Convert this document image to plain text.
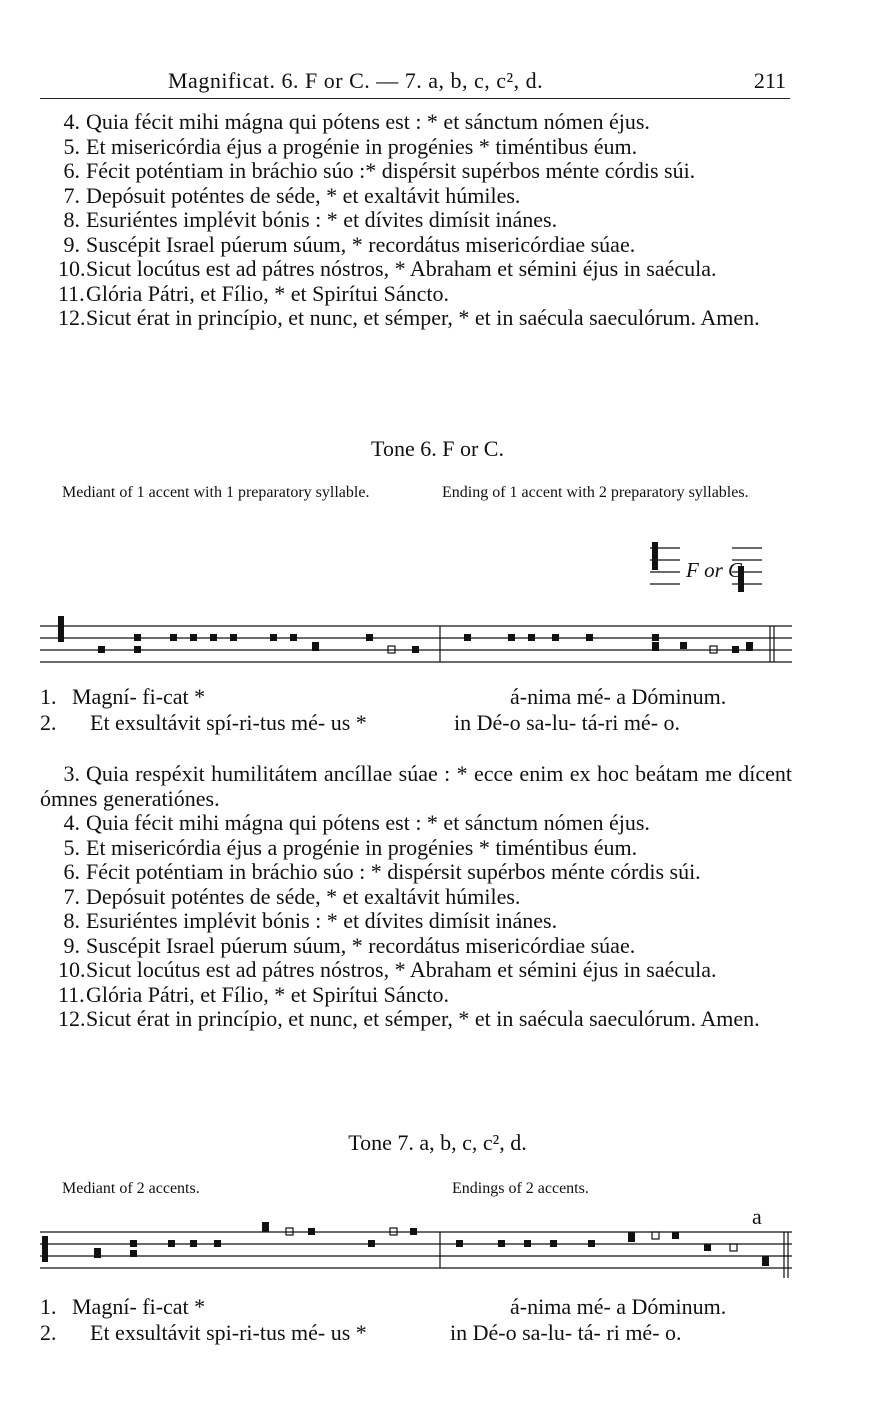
Magnificat. 6. F or C. — 7. a, b, c, c², d.	211

4. Quia fécit mihi mágna qui pótens est : * et sánctum nómen éjus.

5. Et misericórdia éjus a progénie in progénies * timéntibus éum.

6. Fécit poténtiam in bráchio súo :* dispérsit supérbos ménte córdis súi.

7. Depósuit poténtes de séde, * et exaltávit húmiles.

8. Esuriéntes implévit bónis : * et dívites dimísit inánes.

9. Suscépit Israel púerum súum, * recordátus misericórdiae súae.

10.Sicut locútus est ad pátres nóstros, * Abraham et sémini éjus in saécula.

11.Glória Pátri, et Fílio, * et Spirítui Sáncto.

12.Sicut érat in princípio, et nunc, et sémper, * et in saécula saeculórum. Amen.

Tone 6. F or C.
Mediant of 1 accent with 1 preparatory syllable.	Ending of 1 accent with 2 preparatory syllables.
F or C
1. Magní- fi-cat *	á-nima mé- a Dóminum.
2. Et exsultávit spí-ri-tus mé- us *	in Dé-o sa-lu- tá-ri mé- o.

3. Quia respéxit humilitátem ancíllae súae : * ecce enim ex hoc beátam me dícent ómnes generatiónes.

4. Quia fécit mihi mágna qui pótens est : * et sánctum nómen éjus.

5. Et misericórdia éjus a progénie in progénies * timéntibus éum.

6. Fécit poténtiam in bráchio súo : * dispérsit supérbos ménte córdis súi.

7. Depósuit poténtes de séde, * et exaltávit húmiles.

8. Esuriéntes implévit bónis : * et dívites dimísit inánes.

9. Suscépit Israel púerum súum, * recordátus misericórdiae súae.

10.Sicut locútus est ad pátres nóstros, * Abraham et sémini éjus in saécula.

11.Glória Pátri, et Fílio, * et Spirítui Sáncto.

12.Sicut érat in princípio, et nunc, et sémper, * et in saécula saeculórum. Amen.

Tone 7. a, b, c, c², d.
Mediant of 2 accents.	Endings of 2 accents.
a
1. Magní- fi-cat *	á-nima mé- a Dóminum.
2. Et exsultávit spi-ri-tus mé- us *	in Dé-o sa-lu- tá- ri mé- o.
